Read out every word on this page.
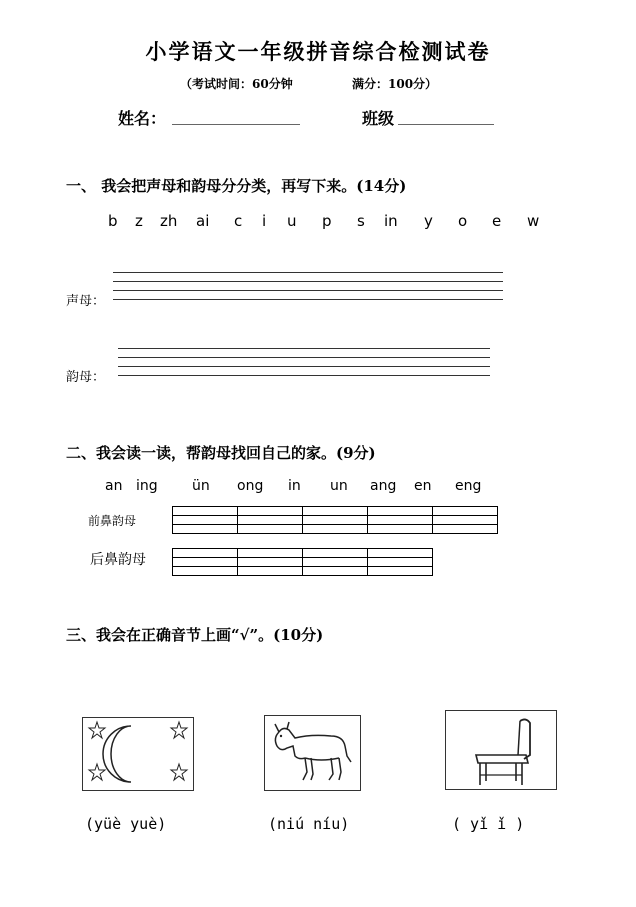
小学语文一年级拼音综合检测试卷
（考试时间：60分钟	满分：100分）
姓名： ________________	班级 ____________
一、 我会把声母和韵母分分类，再写下来。(14分)
b z zh ai c i u p s in y o e w
声母：
韵母：
二、我会读一读，帮韵母找回自己的家。(9分)
an ing ün ong in un ang en eng
前鼻韵母

后鼻韵母

三、我会在正确音节上画“√”。(10分)
(yüè yuè)	(niú níu)	( yǐ ǐ )
